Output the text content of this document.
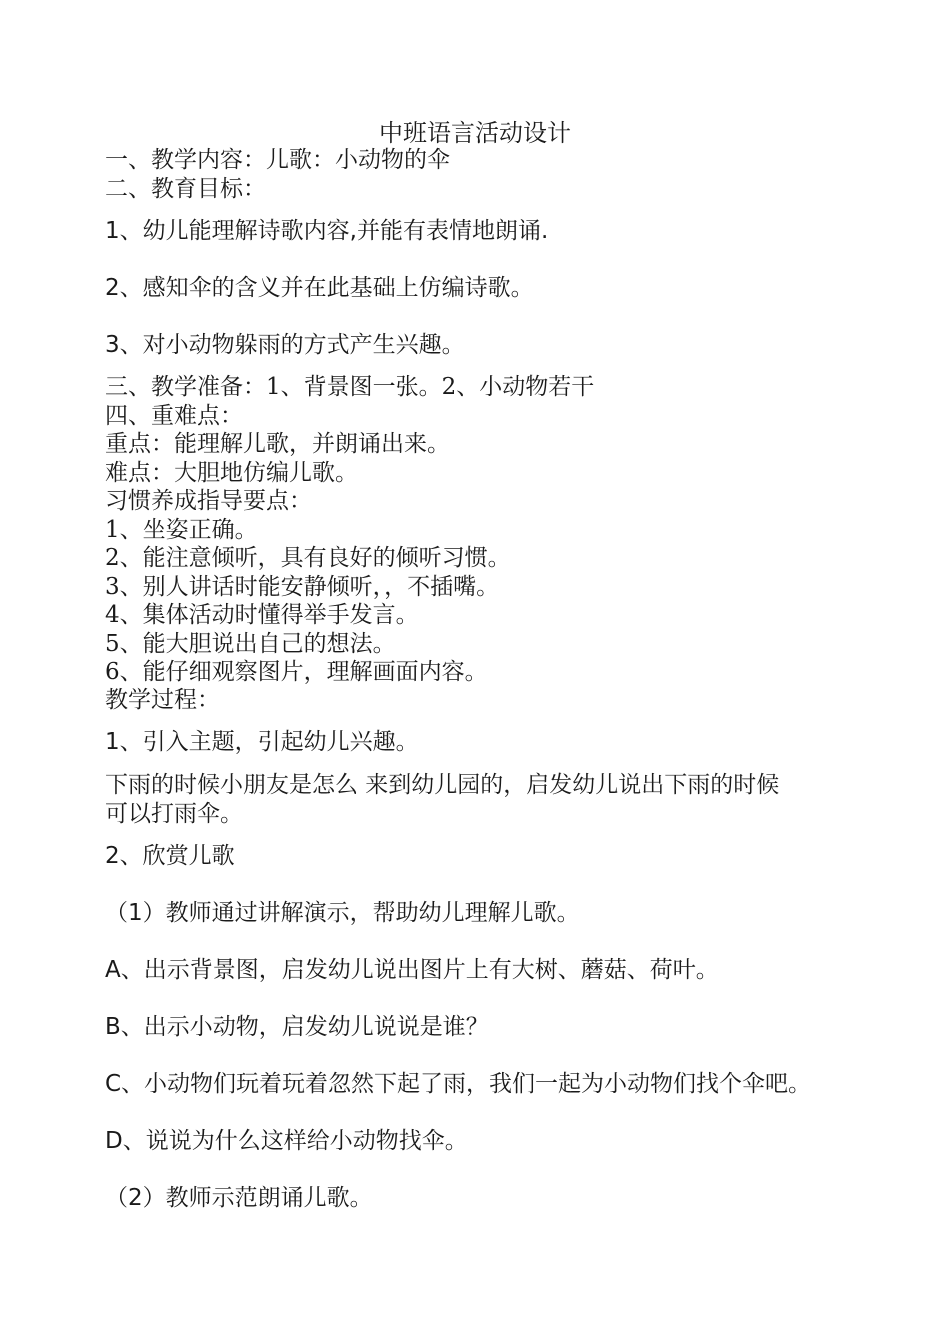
中班语言活动设计
一、教学内容：儿歌：小动物的伞
二、教育目标：
1、幼儿能理解诗歌内容,并能有表情地朗诵.
2、感知伞的含义并在此基础上仿编诗歌。
3、对小动物躲雨的方式产生兴趣。
三、教学准备：1、背景图一张。2、小动物若干
四、重难点：
重点：能理解儿歌，并朗诵出来。
难点：大胆地仿编儿歌。
习惯养成指导要点：
1、坐姿正确。
2、能注意倾听，具有良好的倾听习惯。
3、别人讲话时能安静倾听，，不插嘴。
4、集体活动时懂得举手发言。
5、能大胆说出自己的想法。
6、能仔细观察图片，理解画面内容。
教学过程：
1、引入主题，引起幼儿兴趣。
下雨的时候小朋友是怎么 来到幼儿园的，启发幼儿说出下雨的时候
可以打雨伞。
2、欣赏儿歌
（1）教师通过讲解演示，帮助幼儿理解儿歌。
A、出示背景图，启发幼儿说出图片上有大树、蘑菇、荷叶。
B、出示小动物，启发幼儿说说是谁？
C、小动物们玩着玩着忽然下起了雨，我们一起为小动物们找个伞吧。
D、说说为什么这样给小动物找伞。
（2）教师示范朗诵儿歌。
